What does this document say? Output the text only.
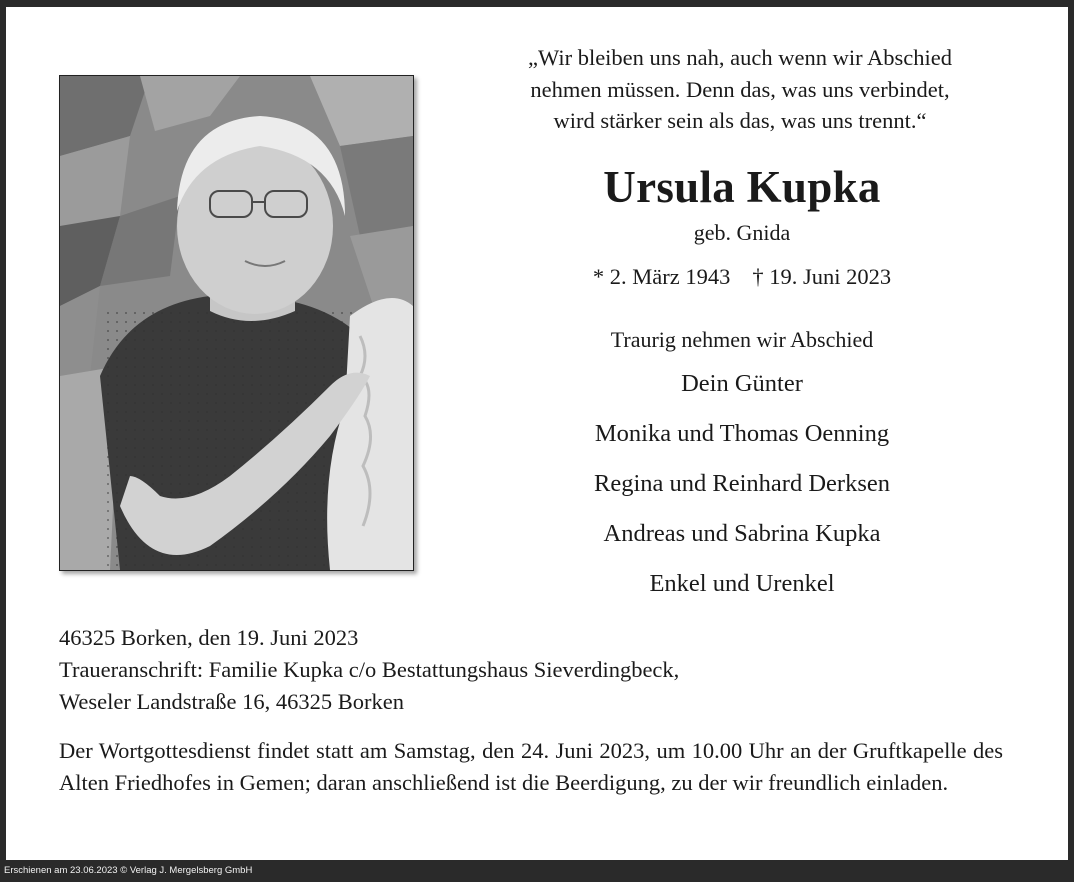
„Wir bleiben uns nah, auch wenn wir Abschied
nehmen müssen. Denn das, was uns verbindet,
wird stärker sein als das, was uns trennt.“
Ursula Kupka
geb. Gnida
* 2. März 1943 † 19. Juni 2023
Traurig nehmen wir Abschied
Dein Günter
Monika und Thomas Oenning
Regina und Reinhard Derksen
Andreas und Sabrina Kupka
Enkel und Urenkel
46325 Borken, den 19. Juni 2023
Traueranschrift: Familie Kupka c/o Bestattungshaus Sieverdingbeck,
Weseler Landstraße 16, 46325 Borken
Der Wortgottesdienst findet statt am Samstag, den 24. Juni 2023, um 10.00 Uhr an der Gruftkapelle des Alten Friedhofes in Gemen; daran anschließend ist die Beerdigung, zu der wir freundlich einladen.
Erschienen am 23.06.2023 © Verlag J. Mergelsberg GmbH
